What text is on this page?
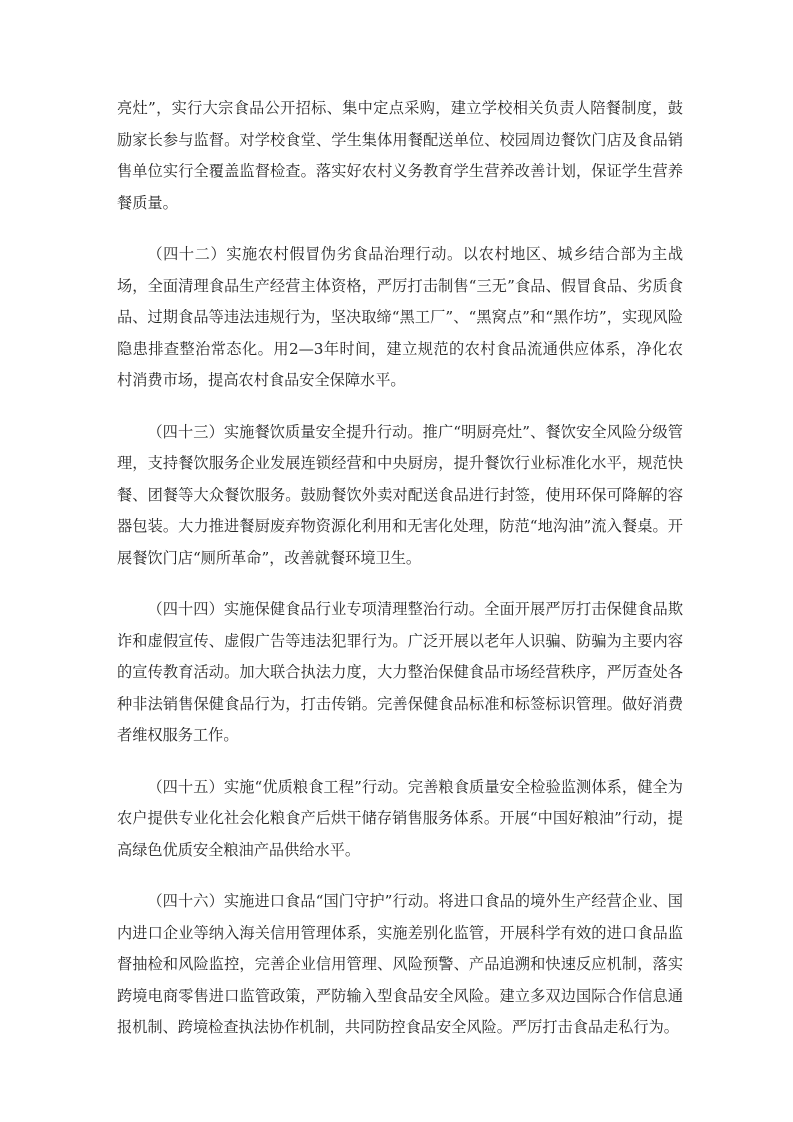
亮灶”，实行大宗食品公开招标、集中定点采购，建立学校相关负责人陪餐制度，鼓励家长参与监督。对学校食堂、学生集体用餐配送单位、校园周边餐饮门店及食品销售单位实行全覆盖监督检查。落实好农村义务教育学生营养改善计划，保证学生营养餐质量。

（四十二）实施农村假冒伪劣食品治理行动。以农村地区、城乡结合部为主战场，全面清理食品生产经营主体资格，严厉打击制售“三无”食品、假冒食品、劣质食品、过期食品等违法违规行为，坚决取缔“黑工厂”、“黑窝点”和“黑作坊”，实现风险隐患排查整治常态化。用2—3年时间，建立规范的农村食品流通供应体系，净化农村消费市场，提高农村食品安全保障水平。

（四十三）实施餐饮质量安全提升行动。推广“明厨亮灶”、餐饮安全风险分级管理，支持餐饮服务企业发展连锁经营和中央厨房，提升餐饮行业标准化水平，规范快餐、团餐等大众餐饮服务。鼓励餐饮外卖对配送食品进行封签，使用环保可降解的容器包装。大力推进餐厨废弃物资源化利用和无害化处理，防范“地沟油”流入餐桌。开展餐饮门店“厕所革命”，改善就餐环境卫生。

（四十四）实施保健食品行业专项清理整治行动。全面开展严厉打击保健食品欺诈和虚假宣传、虚假广告等违法犯罪行为。广泛开展以老年人识骗、防骗为主要内容的宣传教育活动。加大联合执法力度，大力整治保健食品市场经营秩序，严厉查处各种非法销售保健食品行为，打击传销。完善保健食品标准和标签标识管理。做好消费者维权服务工作。

（四十五）实施“优质粮食工程”行动。完善粮食质量安全检验监测体系，健全为农户提供专业化社会化粮食产后烘干储存销售服务体系。开展“中国好粮油”行动，提高绿色优质安全粮油产品供给水平。

（四十六）实施进口食品“国门守护”行动。将进口食品的境外生产经营企业、国内进口企业等纳入海关信用管理体系，实施差别化监管，开展科学有效的进口食品监督抽检和风险监控，完善企业信用管理、风险预警、产品追溯和快速反应机制，落实跨境电商零售进口监管政策，严防输入型食品安全风险。建立多双边国际合作信息通报机制、跨境检查执法协作机制，共同防控食品安全风险。严厉打击食品走私行为。
